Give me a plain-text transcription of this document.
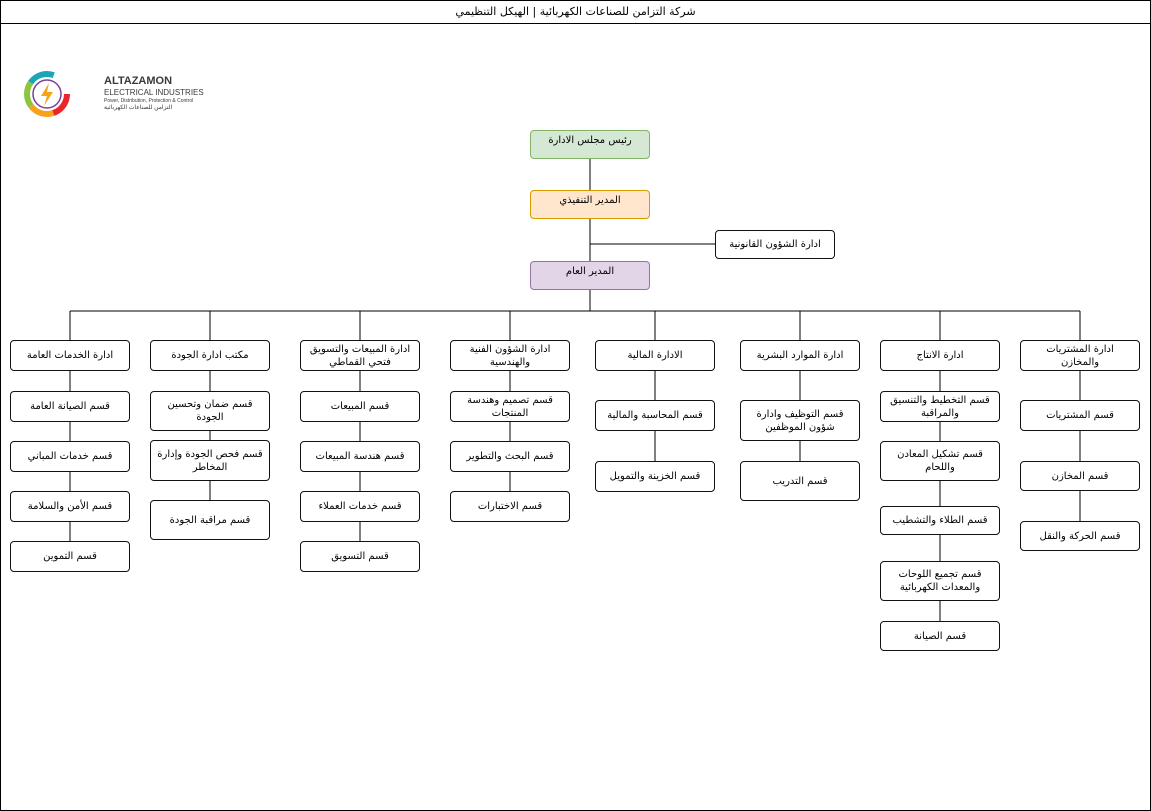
شركة التزامن للصناعات الكهربائية | الهيكل التنظيمي
ALTAZAMON
ELECTRICAL INDUSTRIES
Power, Distribution, Protection & Control
التزامن للصناعات الكهربائية
رئيس مجلس الادارة
المدير التنفيذي
ادارة الشؤون القانونية
المدير العام
ادارة الخدمات العامة
قسم الصيانة العامة
قسم خدمات المباني
قسم الأمن والسلامة
قسم التموين
مكتب ادارة الجودة
قسم ضمان وتحسين الجودة
قسم فحص الجودة وإدارة المخاطر
قسم مراقبة الجودة
ادارة المبيعات والتسويق فتحي القماطي
قسم المبيعات
قسم هندسة المبيعات
قسم خدمات العملاء
قسم التسويق
ادارة الشؤون الفنية والهندسية
قسم تصميم وهندسة المنتجات
قسم البحث والتطوير
قسم الاختبارات
الادارة المالية
قسم المحاسبة والمالية
قسم الخزينة والتمويل
ادارة الموارد البشرية
قسم التوظيف وادارة شؤون الموظفين
قسم التدريب
ادارة الانتاج
قسم التخطيط والتنسيق والمراقبة
قسم تشكيل المعادن واللحام
قسم الطلاء والتشطيب
قسم تجميع اللوحات والمعدات الكهربائية
قسم الصيانة
ادارة المشتريات والمخازن
قسم المشتريات
قسم المخازن
قسم الحركة والنقل
